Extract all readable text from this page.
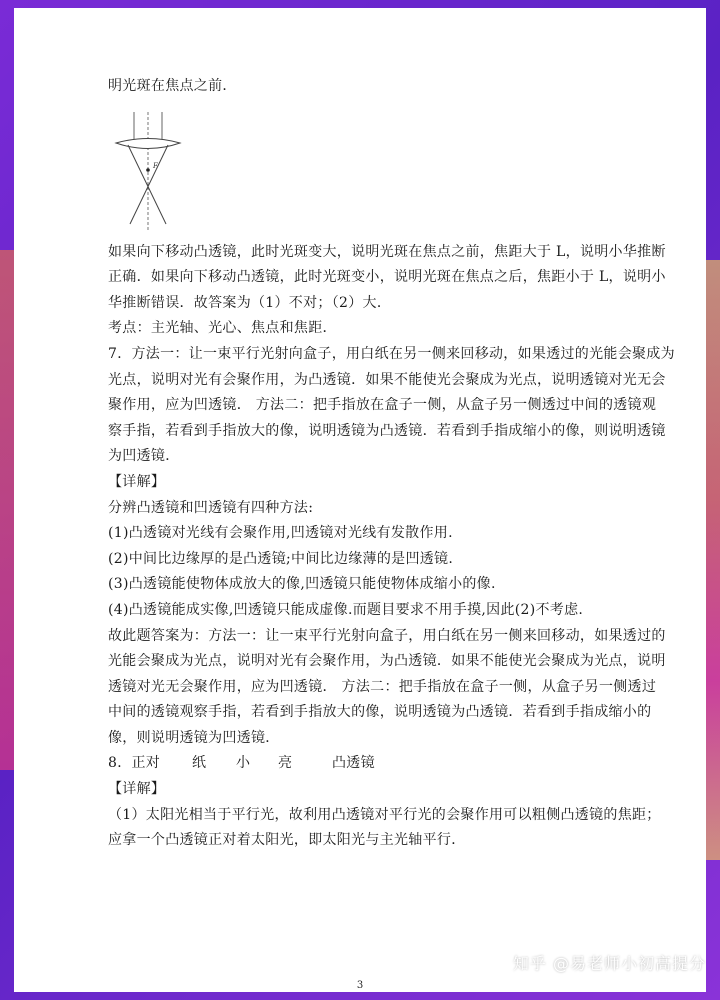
明光斑在焦点之前．

F

如果向下移动凸透镜，此时光斑变大，说明光斑在焦点之前，焦距大于 L，说明小华推断

正确．如果向下移动凸透镜，此时光斑变小，说明光斑在焦点之后，焦距小于 L，说明小

华推断错误．故答案为（1）不对；（2）大．

考点：主光轴、光心、焦点和焦距．

7．方法一：让一束平行光射向盒子，用白纸在另一侧来回移动，如果透过的光能会聚成为

光点，说明对光有会聚作用，为凸透镜．如果不能使光会聚成为光点，说明透镜对光无会

聚作用，应为凹透镜． 方法二：把手指放在盒子一侧，从盒子另一侧透过中间的透镜观

察手指，若看到手指放大的像，说明透镜为凸透镜．若看到手指成缩小的像，则说明透镜

为凹透镜．

【详解】

分辨凸透镜和凹透镜有四种方法:

(1)凸透镜对光线有会聚作用,凹透镜对光线有发散作用.

(2)中间比边缘厚的是凸透镜;中间比边缘薄的是凹透镜.

(3)凸透镜能使物体成放大的像,凹透镜只能使物体成缩小的像.

(4)凸透镜能成实像,凹透镜只能成虚像.而题目要求不用手摸,因此(2)不考虑.

故此题答案为：方法一：让一束平行光射向盒子，用白纸在另一侧来回移动，如果透过的

光能会聚成为光点，说明对光有会聚作用，为凸透镜．如果不能使光会聚成为光点，说明

透镜对光无会聚作用，应为凹透镜． 方法二：把手指放在盒子一侧，从盒子另一侧透过

中间的透镜观察手指，若看到手指放大的像，说明透镜为凸透镜．若看到手指成缩小的

像，则说明透镜为凹透镜．

8．正对	纸	小	亮	凸透镜

【详解】

（1）太阳光相当于平行光，故利用凸透镜对平行光的会聚作用可以粗侧凸透镜的焦距；

应拿一个凸透镜正对着太阳光，即太阳光与主光轴平行．

3
知乎 @易老师小初高提分
